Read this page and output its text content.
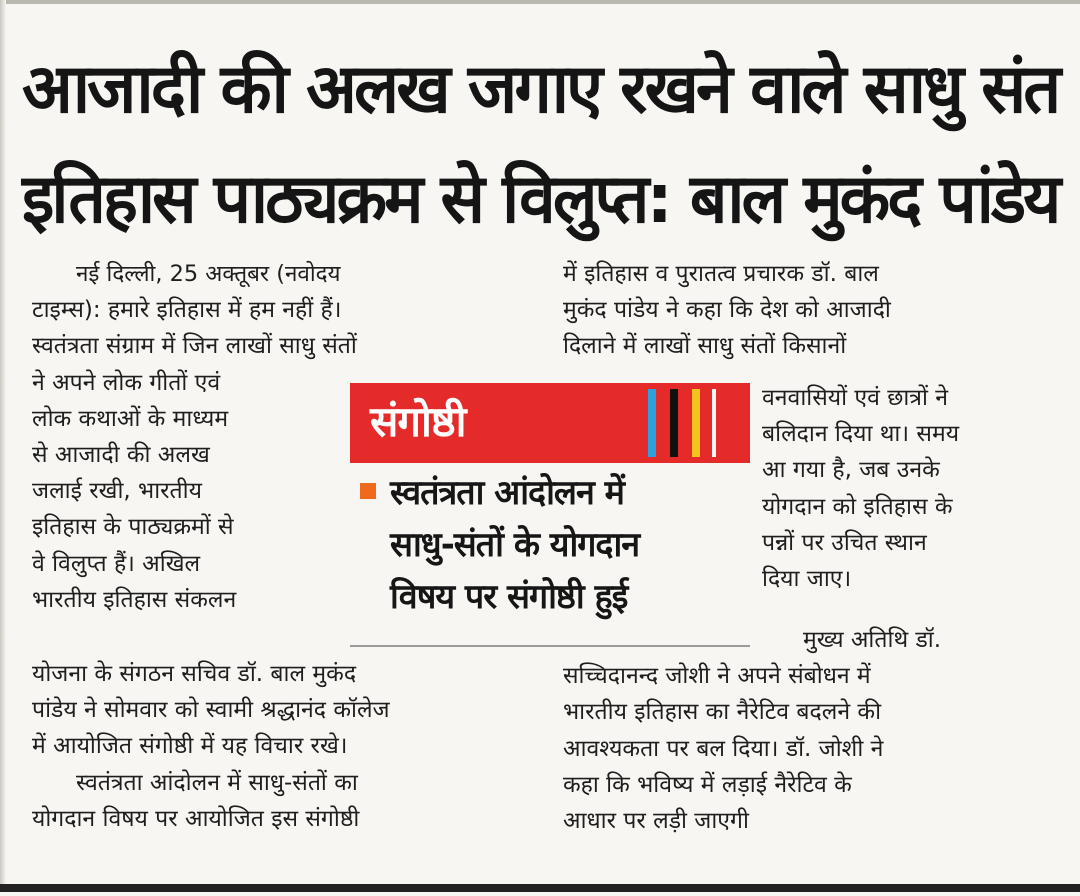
आजादी की अलख जगाए रखने वाले साधु संत
इतिहास पाठ्यक्रम से विलुप्त: बाल मुकंद पांडेय
नई दिल्ली, 25 अक्तूबर (नवोदय
टाइम्स): हमारे इतिहास में हम नहीं हैं।
स्वतंत्रता संग्राम में जिन लाखों साधु संतों
ने अपने लोक गीतों एवं
लोक कथाओं के माध्यम
से आजादी की अलख
जलाई रखी, भारतीय
इतिहास के पाठ्यक्रमों से
वे विलुप्त हैं। अखिल
भारतीय इतिहास संकलन
योजना के संगठन सचिव डॉ. बाल मुकंद
पांडेय ने सोमवार को स्वामी श्रद्धानंद कॉलेज
में आयोजित संगोष्ठी में यह विचार रखे।
स्वतंत्रता आंदोलन में साधु-संतों का
योगदान विषय पर आयोजित इस संगोष्ठी
में इतिहास व पुरातत्व प्रचारक डॉ. बाल
मुकंद पांडेय ने कहा कि देश को आजादी
दिलाने में लाखों साधु संतों किसानों
वनवासियों एवं छात्रों ने
बलिदान दिया था। समय
आ गया है, जब उनके
योगदान को इतिहास के
पन्नों पर उचित स्थान
दिया जाए।
मुख्य अतिथि डॉ.
सच्चिदानन्द जोशी ने अपने संबोधन में
भारतीय इतिहास का नैरेटिव बदलने की
आवश्यकता पर बल दिया। डॉ. जोशी ने
कहा कि भविष्य में लड़ाई नैरेटिव के
आधार पर लड़ी जाएगी
संगोष्ठी
स्वतंत्रता आंदोलन में
साधु-संतों के योगदान
विषय पर संगोष्ठी हुई
